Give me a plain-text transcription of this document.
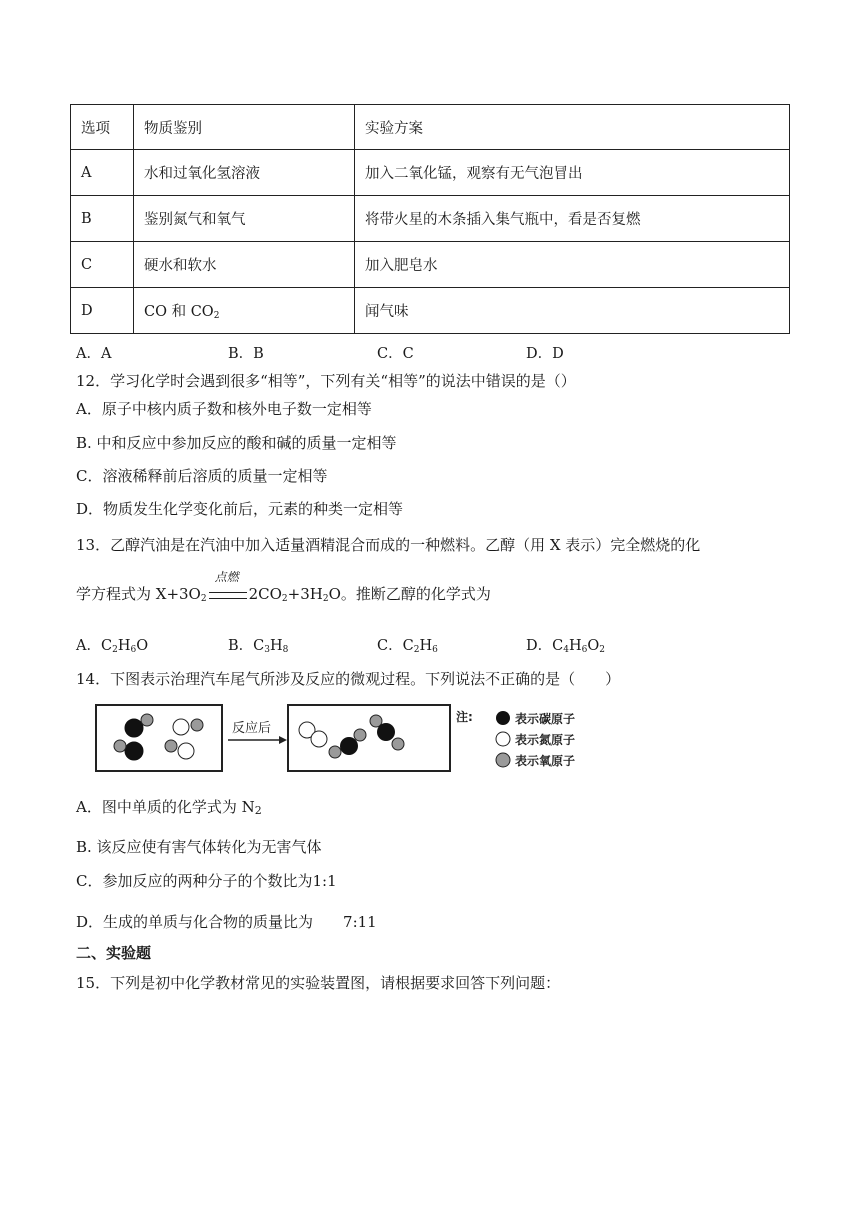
选项	物质鉴别	实验方案
A	水和过氧化氢溶液	加入二氧化锰，观察有无气泡冒出
B	鉴别氮气和氧气	将带火星的木条插入集气瓶中，看是否复燃
C	硬水和软水	加入肥皂水
D	CO 和 $CO_2$	闻气味
A．A	B．B	C．C	D．D
12．学习化学时会遇到很多“相等”，下列有关“相等”的说法中错误的是（）
A．原子中核内质子数和核外电子数一定相等
B. 中和反应中参加反应的酸和碱的质量一定相等
C．溶液稀释前后溶质的质量一定相等
D．物质发生化学变化前后，元素的种类一定相等
13．乙醇汽油是在汽油中加入适量酒精混合而成的一种燃料。乙醇（用 X 表示）完全燃烧的化
学方程式为 $X+3O_2$
点燃
$2CO_2+3H_2O$。推断乙醇的化学式为
A．$C_2H_6O$	B．$C_3H_8$	C．$C_2H_6$	D．$C_4H_6O_2$
14．下图表示治理汽车尾气所涉及反应的微观过程。下列说法不正确的是（　　）
反应后
注:	表示碳原子
表示氮原子
表示氧原子
A．图中单质的化学式为 $N_2$
B. 该反应使有害气体转化为无害气体
C．参加反应的两种分子的个数比为1:1
D．生成的单质与化合物的质量比为 7:11
二、实验题
15．下列是初中化学教材常见的实验装置图，请根据要求回答下列问题：
